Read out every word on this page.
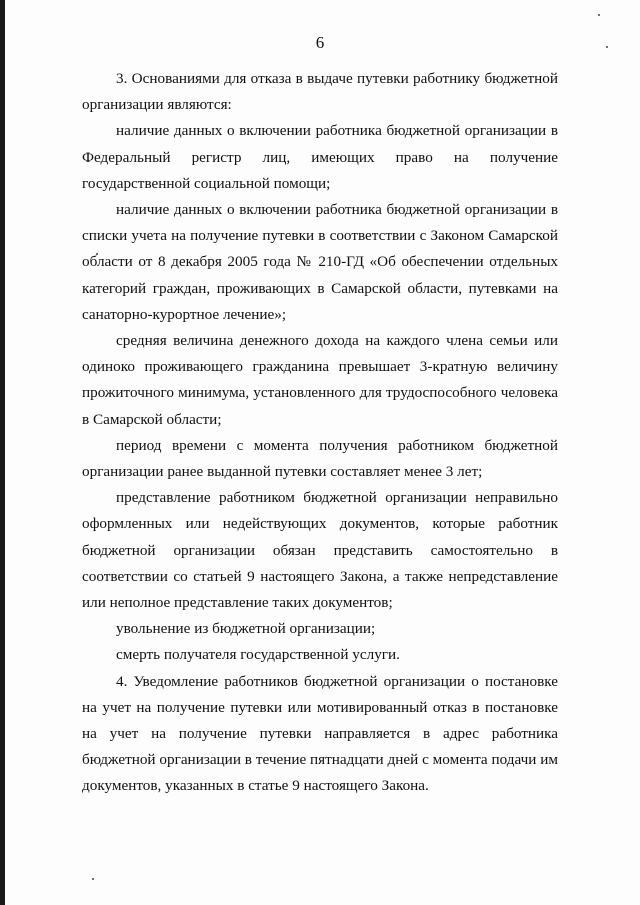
6

3. Основаниями для отказа в выдаче путевки работнику бюджетной организации являются:

наличие данных о включении работника бюджетной организации в Федеральный регистр лиц, имеющих право на получение государственной социальной помощи;

наличие данных о включении работника бюджетной организации в списки учета на получение путевки в соответствии с Законом Самарской области от 8 декабря 2005 года № 210-ГД «Об обеспечении отдельных категорий граждан, проживающих в Самарской области, путевками на санаторно-курортное лечение»;

средняя величина денежного дохода на каждого члена семьи или одиноко проживающего гражданина превышает 3-кратную величину прожиточного минимума, установленного для трудоспособного человека в Самарской области;

период времени с момента получения работником бюджетной организации ранее выданной путевки составляет менее 3 лет;

представление работником бюджетной организации неправильно оформленных или недействующих документов, которые работник бюджетной организации обязан представить самостоятельно в соответствии со статьей 9 настоящего Закона, а также непредставление или неполное представление таких документов;

увольнение из бюджетной организации;

смерть получателя государственной услуги.

4. Уведомление работников бюджетной организации о постановке на учет на получение путевки или мотивированный отказ в постановке на учет на получение путевки направляется в адрес работника бюджетной организации в течение пятнадцати дней с момента подачи им документов, указанных в статье 9 настоящего Закона.
